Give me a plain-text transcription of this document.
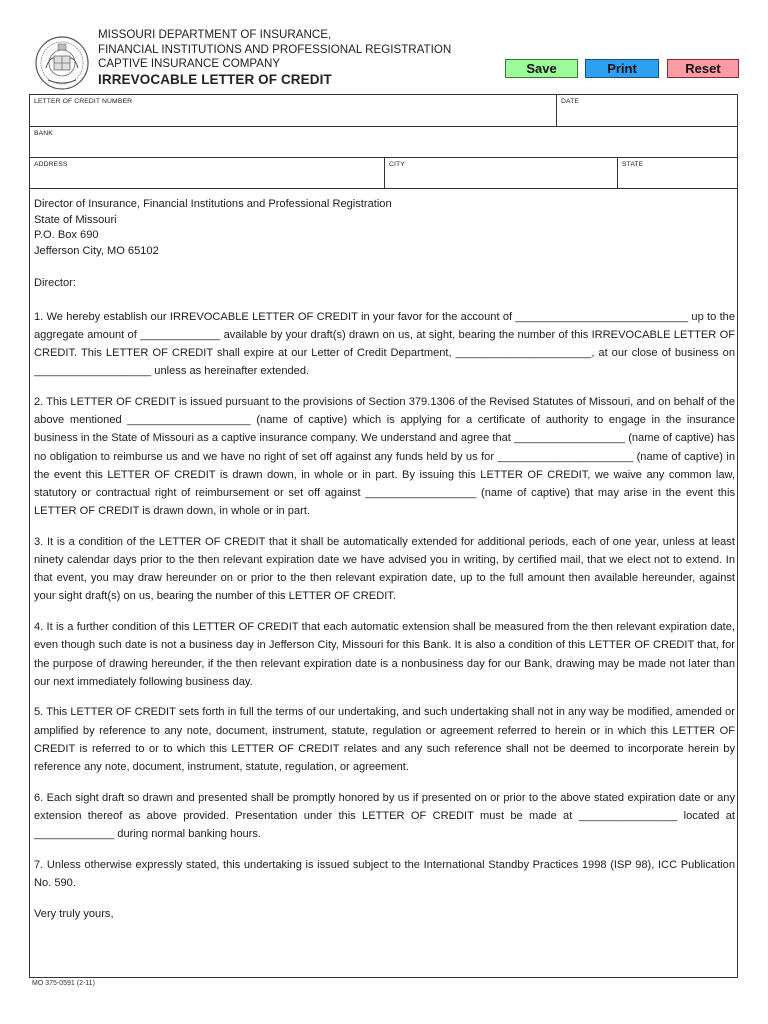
MISSOURI DEPARTMENT OF INSURANCE,
FINANCIAL INSTITUTIONS AND PROFESSIONAL REGISTRATION
CAPTIVE INSURANCE COMPANY
IRREVOCABLE LETTER OF CREDIT
Save	Print	Reset
LETTER OF CREDIT NUMBER	DATE
BANK
ADDRESS	CITY	STATE
Director of Insurance, Financial Institutions and Professional Registration
State of Missouri
P.O. Box 690
Jefferson City, MO 65102
Director:
1. We hereby establish our IRREVOCABLE LETTER OF CREDIT in your favor for the account of ____________________________ up to the aggregate amount of _____________ available by your draft(s) drawn on us, at sight, bearing the number of this IRREVOCABLE LETTER OF CREDIT. This LETTER OF CREDIT shall expire at our Letter of Credit Department, ______________________, at our close of business on ___________________ unless as hereinafter extended.
2. This LETTER OF CREDIT is issued pursuant to the provisions of Section 379.1306 of the Revised Statutes of Missouri, and on behalf of the above mentioned ____________________ (name of captive) which is applying for a certificate of authority to engage in the insurance business in the State of Missouri as a captive insurance company. We understand and agree that __________________ (name of captive) has no obligation to reimburse us and we have no right of set off against any funds held by us for ______________________ (name of captive) in the event this LETTER OF CREDIT is drawn down, in whole or in part. By issuing this LETTER OF CREDIT, we waive any common law, statutory or contractual right of reimbursement or set off against __________________ (name of captive) that may arise in the event this LETTER OF CREDIT is drawn down, in whole or in part.
3. It is a condition of the LETTER OF CREDIT that it shall be automatically extended for additional periods, each of one year, unless at least ninety calendar days prior to the then relevant expiration date we have advised you in writing, by certified mail, that we elect not to extend. In that event, you may draw hereunder on or prior to the then relevant expiration date, up to the full amount then available hereunder, against your sight draft(s) on us, bearing the number of this LETTER OF CREDIT.
4. It is a further condition of this LETTER OF CREDIT that each automatic extension shall be measured from the then relevant expiration date, even though such date is not a business day in Jefferson City, Missouri for this Bank. It is also a condition of this LETTER OF CREDIT that, for the purpose of drawing hereunder, if the then relevant expiration date is a nonbusiness day for our Bank, drawing may be made not later than our next immediately following business day.
5. This LETTER OF CREDIT sets forth in full the terms of our undertaking, and such undertaking shall not in any way be modified, amended or amplified by reference to any note, document, instrument, statute, regulation or agreement referred to herein or in which this LETTER OF CREDIT is referred to or to which this LETTER OF CREDIT relates and any such reference shall not be deemed to incorporate herein by reference any note, document, instrument, statute, regulation, or agreement.
6. Each sight draft so drawn and presented shall be promptly honored by us if presented on or prior to the above stated expiration date or any extension thereof as above provided. Presentation under this LETTER OF CREDIT must be made at ________________ located at _____________ during normal banking hours.
7. Unless otherwise expressly stated, this undertaking is issued subject to the International Standby Practices 1998 (ISP 98), ICC Publication No. 590.
Very truly yours,
MO 375-0591 (2-11)
